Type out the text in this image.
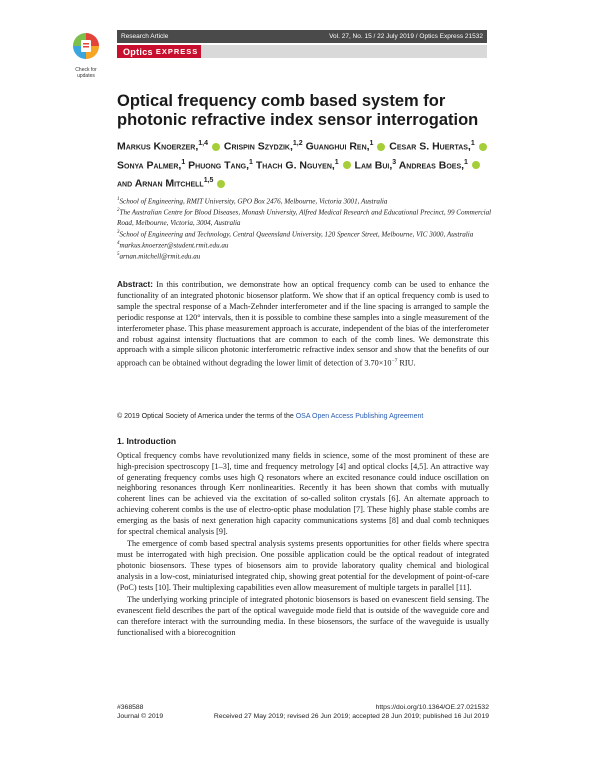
Check for updates
Research Article	Vol. 27, No. 15 / 22 July 2019 / Optics Express 21532
Optics EXPRESS
Optical frequency comb based system for photonic refractive index sensor interrogation
Markus Knoerzer,$^{1,4}$ Crispin Szydzik,$^{1,2}$ Guanghui Ren,$^1$ Cesar S. Huertas,$^1$  Sonya Palmer,$^1$ Phuong Tang,$^1$ Thach G. Nguyen,$^1$ Lam Bui,$^3$ Andreas Boes,$^1$  and Arnan Mitchell$^{1,5}$
$^1$School of Engineering, RMIT University, GPO Box 2476, Melbourne, Victoria 3001, Australia
$^2$The Australian Centre for Blood Diseases, Monash University, Alfred Medical Research and Educational Precinct, 99 Commercial Road, Melbourne, Victoria, 3004, Australia
$^3$School of Engineering and Technology, Central Queensland University, 120 Spencer Street, Melbourne, VIC 3000, Australia
$^4$markus.knoerzer@student.rmit.edu.au
$^5$arnan.mitchell@rmit.edu.au
Abstract: In this contribution, we demonstrate how an optical frequency comb can be used to enhance the functionality of an integrated photonic biosensor platform. We show that if an optical frequency comb is used to sample the spectral response of a Mach-Zehnder interferometer and if the line spacing is arranged to sample the periodic response at 120° intervals, then it is possible to combine these samples into a single measurement of the interferometer phase. This phase measurement approach is accurate, independent of the bias of the interferometer and robust against intensity fluctuations that are common to each of the comb lines. We demonstrate this approach with a simple silicon photonic interferometric refractive index sensor and show that the benefits of our approach can be obtained without degrading the lower limit of detection of $3.70\times 10^{-7}$ RIU.
© 2019 Optical Society of America under the terms of the OSA Open Access Publishing Agreement
1. Introduction

Optical frequency combs have revolutionized many fields in science, some of the most prominent of these are high-precision spectroscopy [1–3], time and frequency metrology [4] and optical clocks [4,5]. An attractive way of generating frequency combs uses high Q resonators where an excited resonance could induce oscillation on neighboring resonances through Kerr nonlinearities. Recently it has been shown that combs with mutually coherent lines can be achieved via the excitation of so-called soliton crystals [6]. An alternate approach to achieving coherent combs is the use of electro-optic phase modulation [7]. These highly phase stable combs are emerging as the basis of next generation high capacity communications systems [8] and dual comb techniques for spectral chemical analysis [9].

The emergence of comb based spectral analysis systems presents opportunities for other fields where spectra must be interrogated with high precision. One possible application could be the optical readout of integrated photonic biosensors. These types of biosensors aim to provide laboratory quality chemical and biological analysis in a low-cost, miniaturised integrated chip, showing great potential for the development of point-of-care (PoC) tests [10]. Their multiplexing capabilities even allow measurement of multiple targets in parallel [11].

The underlying working principle of integrated photonic biosensors is based on evanescent field sensing. The evanescent field describes the part of the optical waveguide mode field that is outside of the waveguide core and can therefore interact with the surrounding media. In these biosensors, the surface of the waveguide is usually functionalised with a biorecognition

#368588	https://doi.org/10.1364/OE.27.021532
Journal © 2019	Received 27 May 2019; revised 26 Jun 2019; accepted 28 Jun 2019; published 16 Jul 2019
